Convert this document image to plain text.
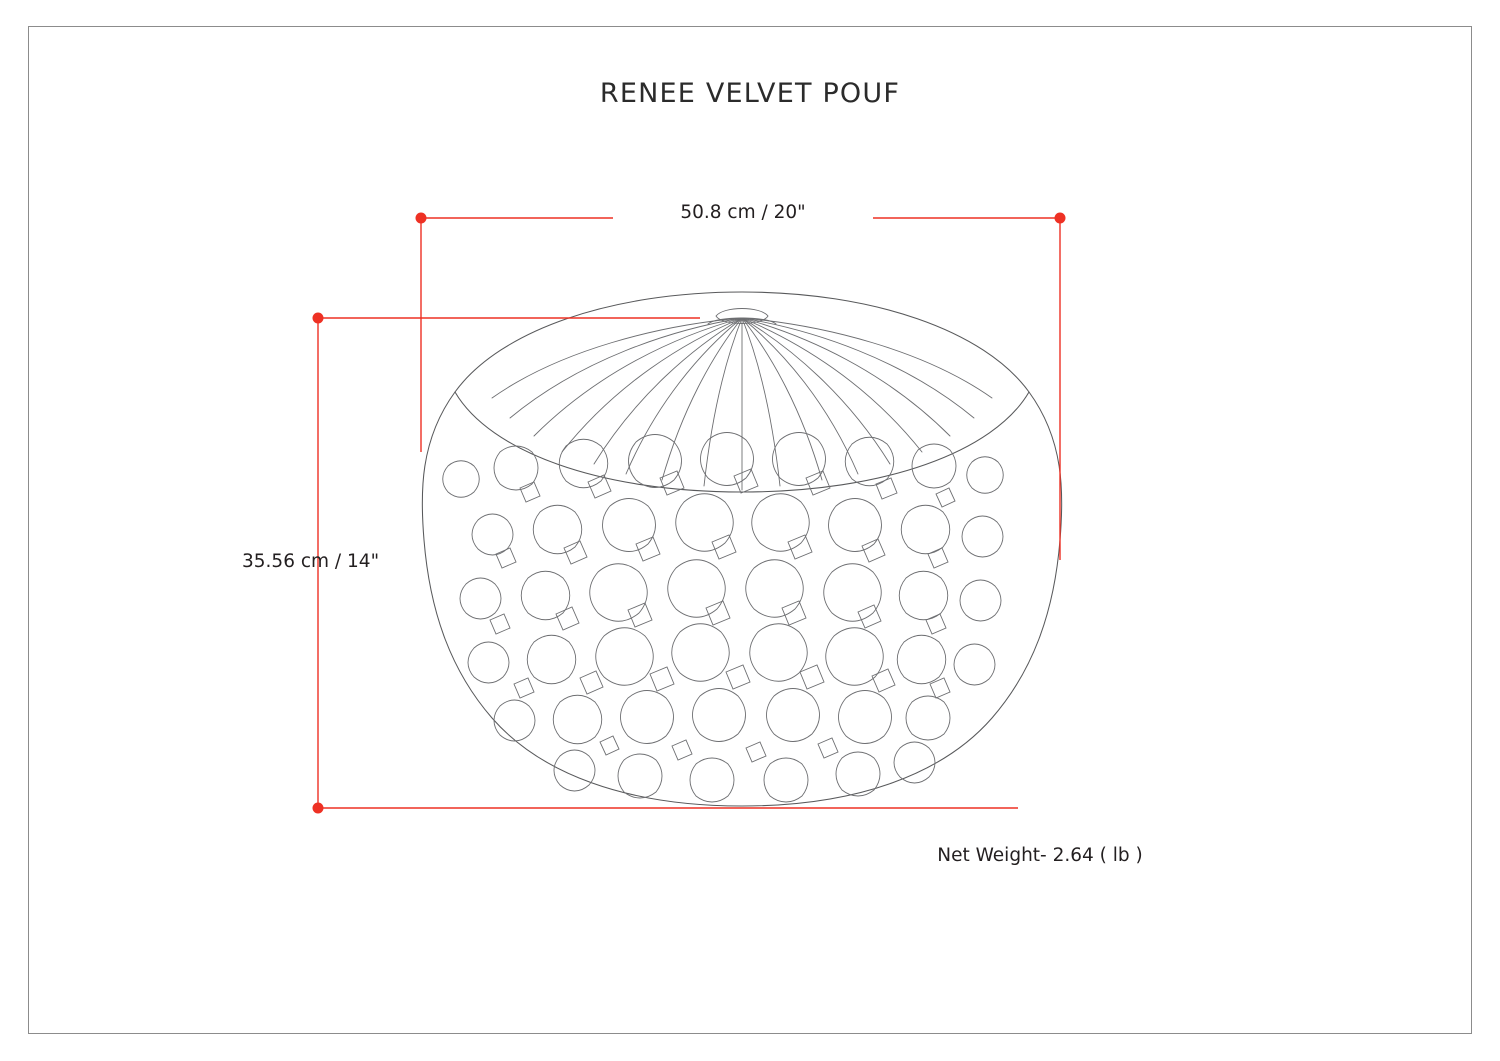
RENEE VELVET POUF
50.8 cm / 20"
35.56 cm / 14"
Net Weight- 2.64 ( lb )
